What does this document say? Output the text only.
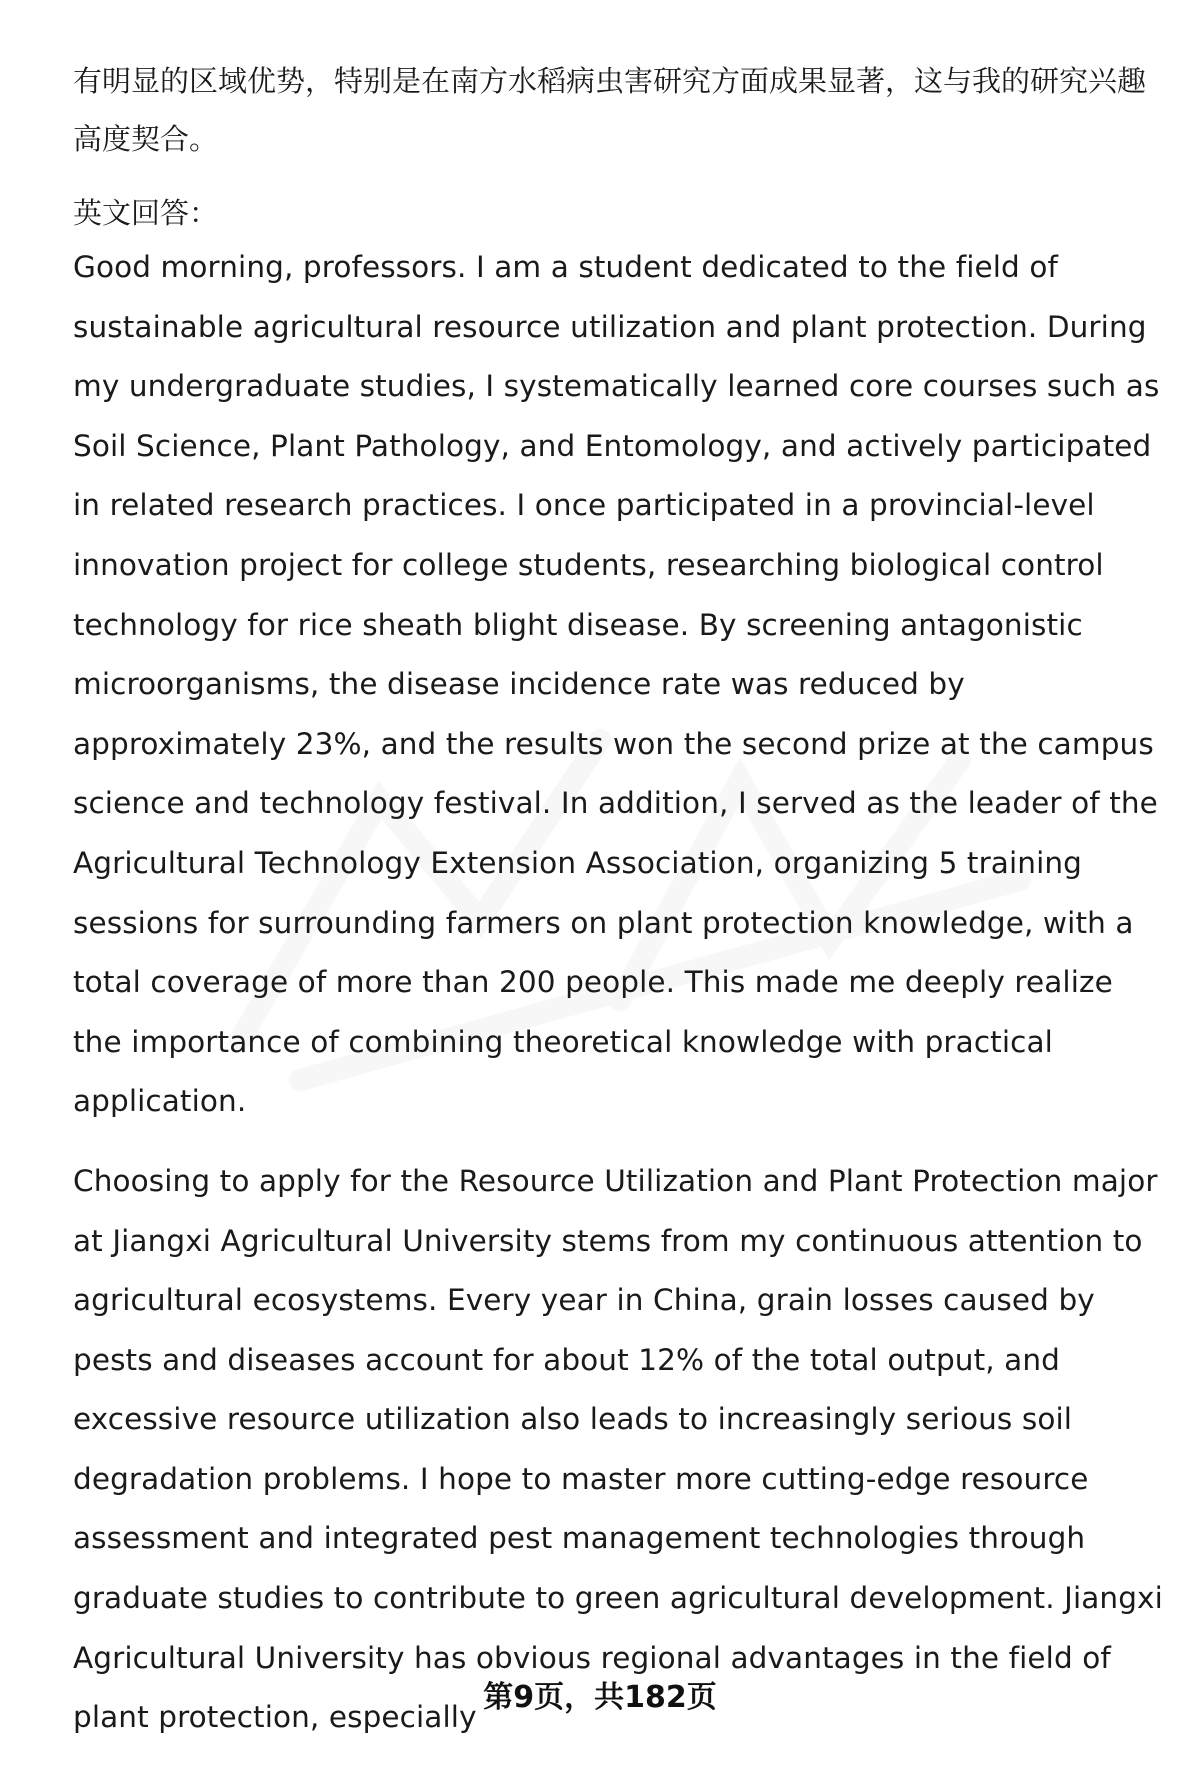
有明显的区域优势，特别是在南方水稻病虫害研究方面成果显著，这与我的研究兴趣高度契合。

英文回答：

Good morning, professors. I am a student dedicated to the field of sustainable agricultural resource utilization and plant protection. During my undergraduate studies, I systematically learned core courses such as Soil Science, Plant Pathology, and Entomology, and actively participated in related research practices. I once participated in a provincial-level innovation project for college students, researching biological control technology for rice sheath blight disease. By screening antagonistic microorganisms, the disease incidence rate was reduced by approximately 23%, and the results won the second prize at the campus science and technology festival. In addition, I served as the leader of the Agricultural Technology Extension Association, organizing 5 training sessions for surrounding farmers on plant protection knowledge, with a total coverage of more than 200 people. This made me deeply realize the importance of combining theoretical knowledge with practical application.

Choosing to apply for the Resource Utilization and Plant Protection major at Jiangxi Agricultural University stems from my continuous attention to agricultural ecosystems. Every year in China, grain losses caused by pests and diseases account for about 12% of the total output, and excessive resource utilization also leads to increasingly serious soil degradation problems. I hope to master more cutting-edge resource assessment and integrated pest management technologies through graduate studies to contribute to green agricultural development. Jiangxi Agricultural University has obvious regional advantages in the field of plant protection, especially

第9页，共182页
